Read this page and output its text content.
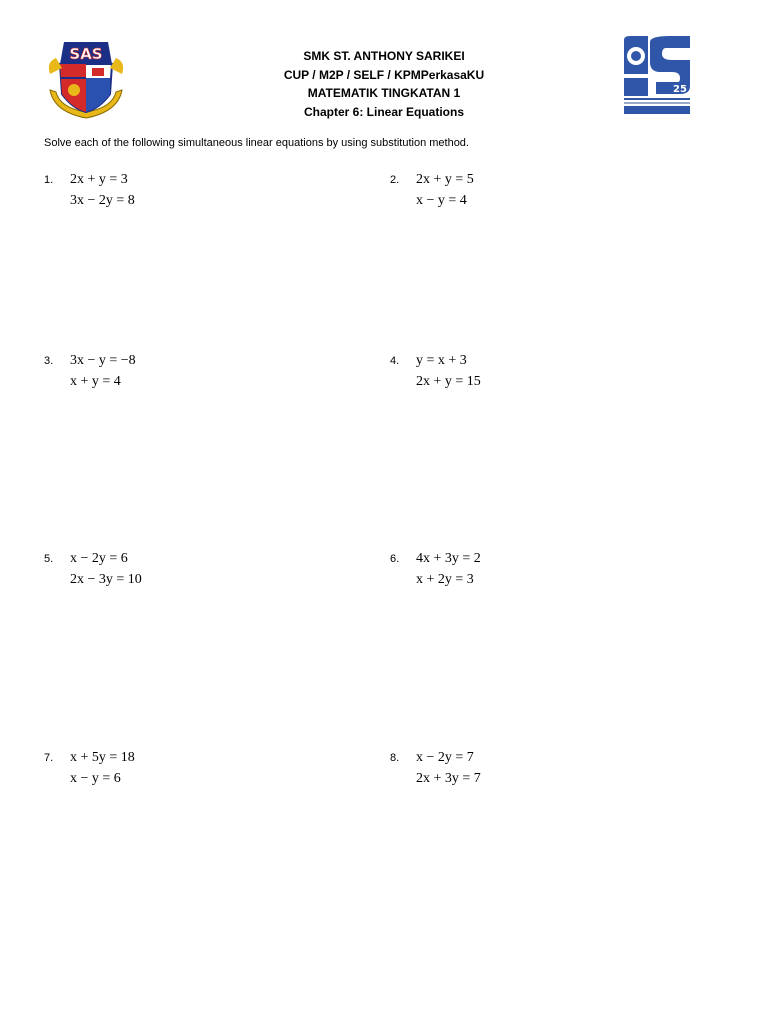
SAS	SMK ST. ANTHONY SARIKEI
CUP / M2P / SELF / KPMPerkasaKU
MATEMATIK TINGKATAN 1
Chapter 6: Linear Equations
25
Solve each of the following simultaneous linear equations by using substitution method.
1. 2x + y = 3
3x − 2y = 8
2. 2x + y = 5
x − y = 4
3. 3x − y = −8
x + y = 4
4. y = x + 3
2x + y = 15
5. x − 2y = 6
2x − 3y = 10
6. 4x + 3y = 2
x + 2y = 3
7. x + 5y = 18
x − y = 6
8. x − 2y = 7
2x + 3y = 7
